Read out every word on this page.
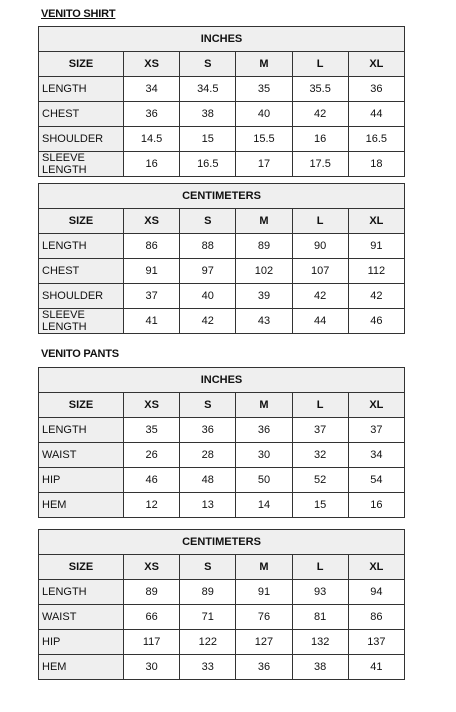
VENITO SHIRT
INCHES					
SIZE	XS	S	M	L	XL
LENGTH	34	34.5	35	35.5	36
CHEST	36	38	40	42	44
SHOULDER	14.5	15	15.5	16	16.5
SLEEVE LENGTH	16	16.5	17	17.5	18
CENTIMETERS					
SIZE	XS	S	M	L	XL
LENGTH	86	88	89	90	91
CHEST	91	97	102	107	112
SHOULDER	37	40	39	42	42
SLEEVE LENGTH	41	42	43	44	46
VENITO PANTS
INCHES					
SIZE	XS	S	M	L	XL
LENGTH	35	36	36	37	37
WAIST	26	28	30	32	34
HIP	46	48	50	52	54
HEM	12	13	14	15	16
CENTIMETERS					
SIZE	XS	S	M	L	XL
LENGTH	89	89	91	93	94
WAIST	66	71	76	81	86
HIP	117	122	127	132	137
HEM	30	33	36	38	41
